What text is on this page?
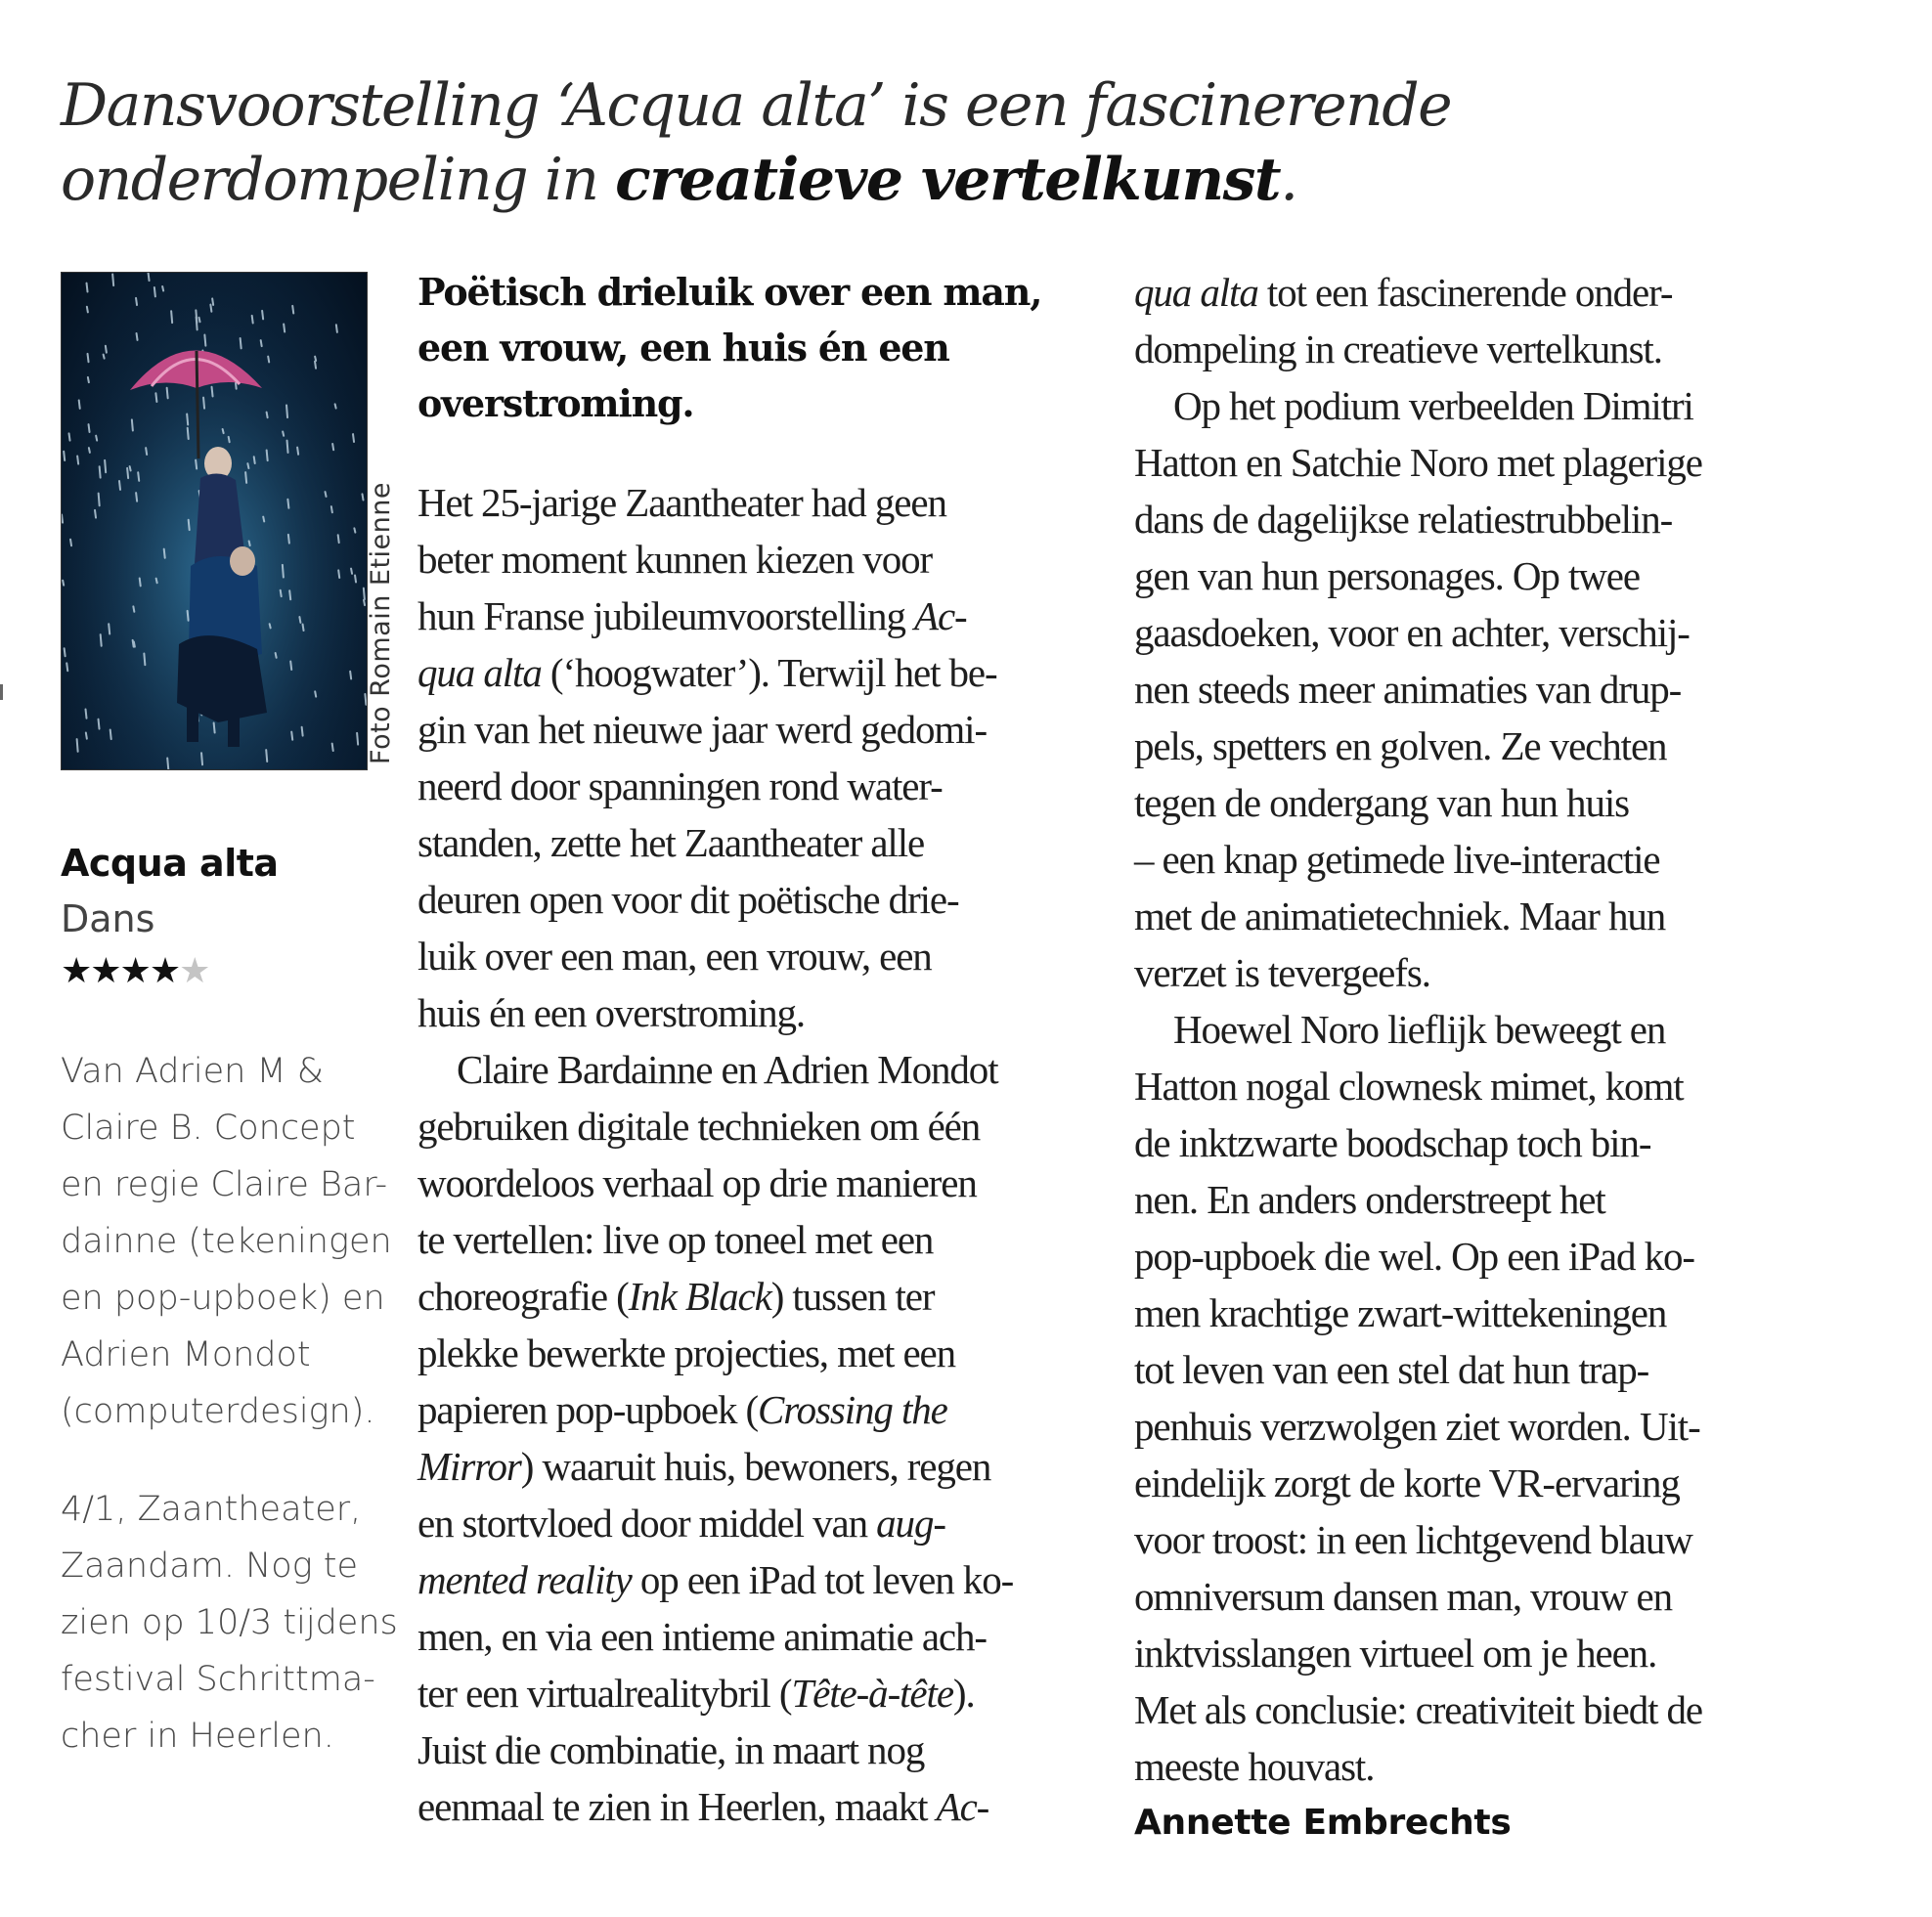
Dansvoorstelling ‘Acqua alta’ is een fascinerende
onderdompeling in creatieve vertelkunst.
Foto Romain Etienne
Acqua alta
Dans
★★★★★
Van Adrien M &
Claire B. Concept
en regie Claire Bar-
dainne (tekeningen
en pop-upboek) en
Adrien Mondot
(computerdesign).
4/1, Zaantheater,
Zaandam. Nog te
zien op 10/3 tijdens
festival Schrittma-
cher in Heerlen.
Poëtisch drieluik over een man,
een vrouw, een huis én een
overstroming.
Het 25-jarige Zaantheater had geen
beter moment kunnen kiezen voor
hun Franse jubileumvoorstelling Ac-
qua alta (‘hoogwater’). Terwijl het be-
gin van het nieuwe jaar werd gedomi-
neerd door spanningen rond water-
standen, zette het Zaantheater alle
deuren open voor dit poëtische drie-
luik over een man, een vrouw, een
huis én een overstroming.
Claire Bardainne en Adrien Mondot
gebruiken digitale technieken om één
woordeloos verhaal op drie manieren
te vertellen: live op toneel met een
choreografie (Ink Black) tussen ter
plekke bewerkte projecties, met een
papieren pop-upboek (Crossing the
Mirror) waaruit huis, bewoners, regen
en stortvloed door middel van aug-
mented reality op een iPad tot leven ko-
men, en via een intieme animatie ach-
ter een virtualrealitybril (Tête-à-tête).
Juist die combinatie, in maart nog
eenmaal te zien in Heerlen, maakt Ac-
qua alta tot een fascinerende onder-
dompeling in creatieve vertelkunst.
Op het podium verbeelden Dimitri
Hatton en Satchie Noro met plagerige
dans de dagelijkse relatiestrubbelin-
gen van hun personages. Op twee
gaasdoeken, voor en achter, verschij-
nen steeds meer animaties van drup-
pels, spetters en golven. Ze vechten
tegen de ondergang van hun huis
– een knap getimede live-interactie
met de animatietechniek. Maar hun
verzet is tevergeefs.
Hoewel Noro lieflijk beweegt en
Hatton nogal clownesk mimet, komt
de inktzwarte boodschap toch bin-
nen. En anders onderstreept het
pop-upboek die wel. Op een iPad ko-
men krachtige zwart-wittekeningen
tot leven van een stel dat hun trap-
penhuis verzwolgen ziet worden. Uit-
eindelijk zorgt de korte VR-ervaring
voor troost: in een lichtgevend blauw
omniversum dansen man, vrouw en
inktvisslangen virtueel om je heen.
Met als conclusie: creativiteit biedt de
meeste houvast.
Annette Embrechts
